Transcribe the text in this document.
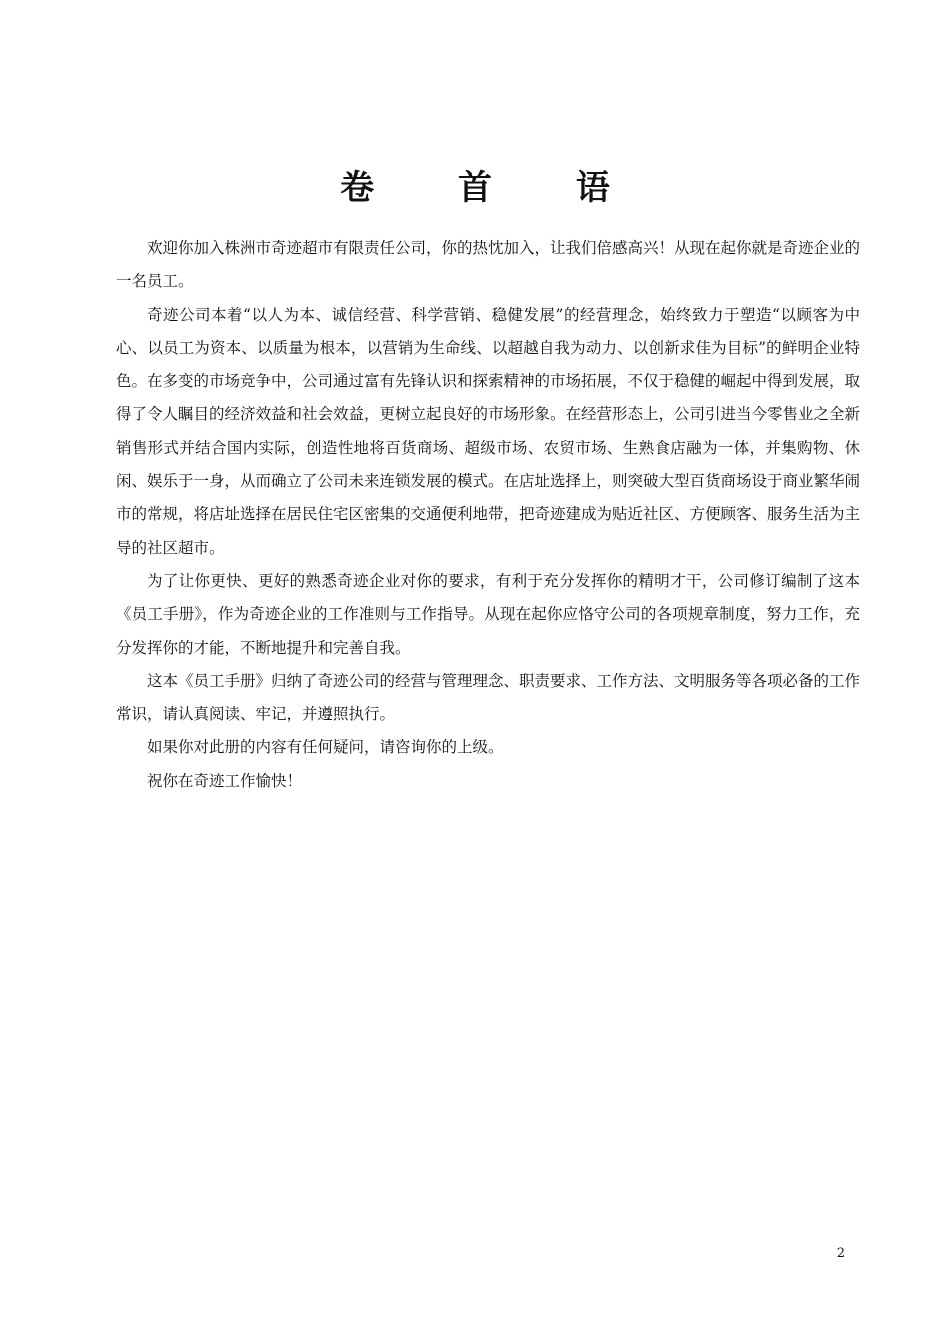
卷 首 语

欢迎你加入株洲市奇迹超市有限责任公司，你的热忱加入，让我们倍感高兴！从现在起你就是奇迹企业的一名员工。

奇迹公司本着“以人为本、诚信经营、科学营销、稳健发展”的经营理念，始终致力于塑造“以顾客为中心、以员工为资本、以质量为根本，以营销为生命线、以超越自我为动力、以创新求佳为目标”的鲜明企业特色。在多变的市场竞争中，公司通过富有先锋认识和探索精神的市场拓展，不仅于稳健的崛起中得到发展，取得了令人瞩目的经济效益和社会效益，更树立起良好的市场形象。在经营形态上，公司引进当今零售业之全新销售形式并结合国内实际，创造性地将百货商场、超级市场、农贸市场、生熟食店融为一体，并集购物、休闲、娱乐于一身，从而确立了公司未来连锁发展的模式。在店址选择上，则突破大型百货商场设于商业繁华闹市的常规，将店址选择在居民住宅区密集的交通便利地带，把奇迹建成为贴近社区、方便顾客、服务生活为主导的社区超市。

为了让你更快、更好的熟悉奇迹企业对你的要求，有利于充分发挥你的精明才干，公司修订编制了这本《员工手册》，作为奇迹企业的工作准则与工作指导。从现在起你应恪守公司的各项规章制度，努力工作，充分发挥你的才能，不断地提升和完善自我。

这本《员工手册》归纳了奇迹公司的经营与管理理念、职责要求、工作方法、文明服务等各项必备的工作常识，请认真阅读、牢记，并遵照执行。

如果你对此册的内容有任何疑问，请咨询你的上级。

祝你在奇迹工作愉快！

2
